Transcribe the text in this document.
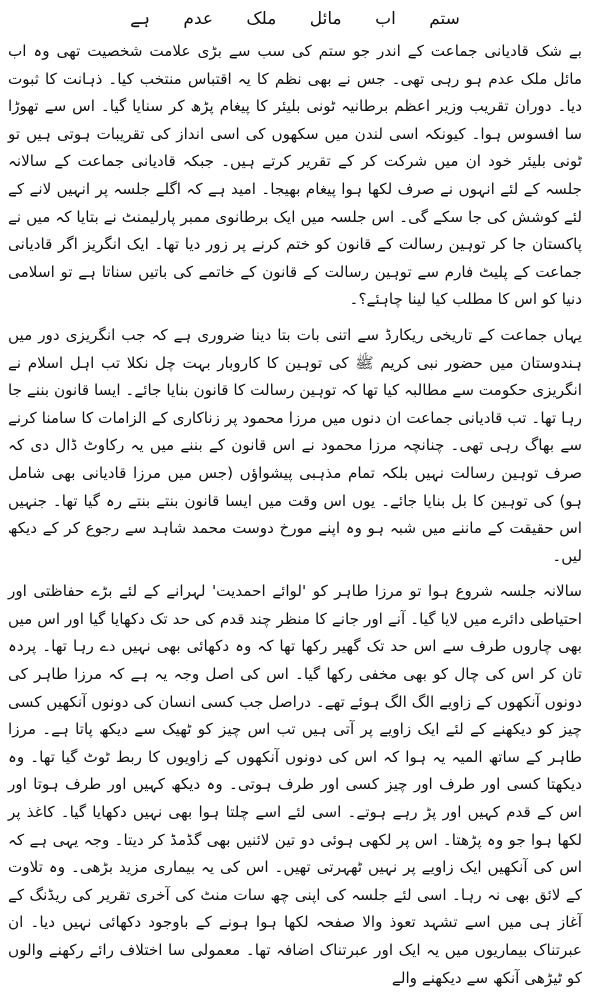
ستم اب مائل ملک عدم ہے

بے شک قادیانی جماعت کے اندر جو ستم کی سب سے بڑی علامت شخصیت تھی وہ اب مائل ملک عدم ہو رہی تھی۔ جس نے بھی نظم کا یہ اقتباس منتخب کیا۔ ذہانت کا ثبوت دیا۔ دوران تقریب وزیر اعظم برطانیہ ٹونی بلیئر کا پیغام پڑھ کر سنایا گیا۔ اس سے تھوڑا سا افسوس ہوا۔ کیونکہ اسی لندن میں سکھوں کی اسی انداز کی تقریبات ہوتی ہیں تو ٹونی بلیئر خود ان میں شرکت کر کے تقریر کرتے ہیں۔ جبکہ قادیانی جماعت کے سالانہ جلسہ کے لئے انہوں نے صرف لکھا ہوا پیغام بھیجا۔ امید ہے کہ اگلے جلسہ پر انہیں لانے کے لئے کوشش کی جا سکے گی۔ اس جلسہ میں ایک برطانوی ممبر پارلیمنٹ نے بتایا کہ میں نے پاکستان جا کر توہین رسالت کے قانون کو ختم کرنے پر زور دیا تھا۔ ایک انگریز اگر قادیانی جماعت کے پلیٹ فارم سے توہین رسالت کے قانون کے خاتمے کی باتیں سناتا ہے تو اسلامی دنیا کو اس کا مطلب کیا لینا چاہئے؟۔

یہاں جماعت کے تاریخی ریکارڈ سے اتنی بات بتا دینا ضروری ہے کہ جب انگریزی دور میں ہندوستان میں حضور نبی کریم ﷺ کی توہین کا کاروبار بہت چل نکلا تب اہل اسلام نے انگریزی حکومت سے مطالبہ کیا تھا کہ توہین رسالت کا قانون بنایا جائے۔ ایسا قانون بننے جا رہا تھا۔ تب قادیانی جماعت ان دنوں میں مرزا محمود پر زناکاری کے الزامات کا سامنا کرنے سے بھاگ رہی تھی۔ چنانچہ مرزا محمود نے اس قانون کے بننے میں یہ رکاوٹ ڈال دی کہ صرف توہین رسالت نہیں بلکہ تمام مذہبی پیشواؤں (جس میں مرزا قادیانی بھی شامل ہو) کی توہین کا بل بنایا جائے۔ یوں اس وقت میں ایسا قانون بنتے بنتے رہ گیا تھا۔ جنہیں اس حقیقت کے ماننے میں شبہ ہو وہ اپنے مورخ دوست محمد شاہد سے رجوع کر کے دیکھ لیں۔

سالانہ جلسہ شروع ہوا تو مرزا طاہر کو 'لوائے احمدیت' لہرانے کے لئے بڑے حفاظتی اور احتیاطی دائرے میں لایا گیا۔ آنے اور جانے کا منظر چند قدم کی حد تک دکھایا گیا اور اس میں بھی چاروں طرف سے اس حد تک گھیر رکھا تھا کہ وہ دکھائی بھی نہیں دے رہا تھا۔ پردہ تان کر اس کی چال کو بھی مخفی رکھا گیا۔ اس کی اصل وجہ یہ ہے کہ مرزا طاہر کی دونوں آنکھوں کے زاویے الگ الگ ہوئے تھے۔ دراصل جب کسی انسان کی دونوں آنکھیں کسی چیز کو دیکھنے کے لئے ایک زاویے پر آتی ہیں تب اس چیز کو ٹھیک سے دیکھ پاتا ہے۔ مرزا طاہر کے ساتھ المیہ یہ ہوا کہ اس کی دونوں آنکھوں کے زاویوں کا ربط ٹوٹ گیا تھا۔ وہ دیکھتا کسی اور طرف اور چیز کسی اور طرف ہوتی۔ وہ دیکھ کہیں اور طرف ہوتا اور اس کے قدم کہیں اور پڑ رہے ہوتے۔ اسی لئے اسے چلتا ہوا بھی نہیں دکھایا گیا۔ کاغذ پر لکھا ہوا جو وہ پڑھتا۔ اس پر لکھی ہوئی دو تین لائنیں بھی گڈمڈ کر دیتا۔ وجہ یہی ہے کہ اس کی آنکھیں ایک زاویے پر نہیں ٹھہرتی تھیں۔ اس کی یہ بیماری مزید بڑھی۔ وہ تلاوت کے لائق بھی نہ رہا۔ اسی لئے جلسہ کی اپنی چھ سات منٹ کی آخری تقریر کی ریڈنگ کے آغاز ہی میں اسے تشہد تعوذ والا صفحہ لکھا ہوا ہونے کے باوجود دکھائی نہیں دیا۔ ان عبرتناک بیماریوں میں یہ ایک اور عبرتناک اضافہ تھا۔ معمولی سا اختلاف رائے رکھنے والوں کو ٹیڑھی آنکھ سے دیکھنے والے
